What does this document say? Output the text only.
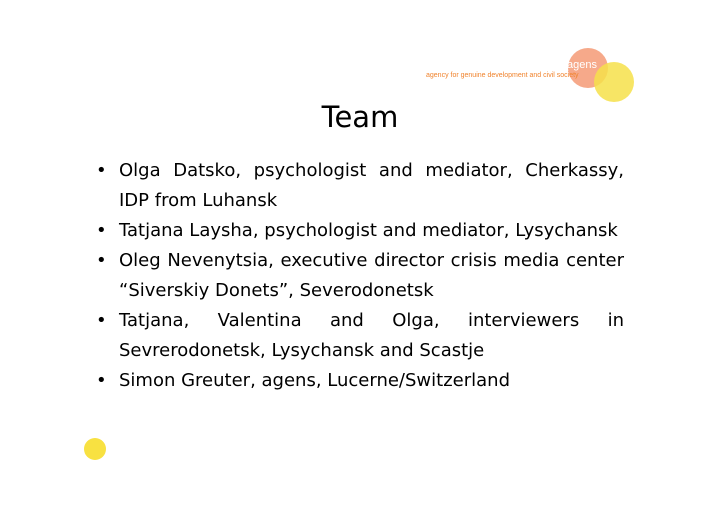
agens
agency for genuine development and civil society
Team
• Olga Datsko, psychologist and mediator, Cherkassy, IDP from Luhansk
• Tatjana Laysha, psychologist and mediator, Lysychansk
• Oleg Nevenytsia, executive director crisis media center “Siverskiy Donets”, Severodonetsk
• Tatjana, Valentina and Olga, interviewers in Sevrerodonetsk, Lysychansk and Scastje
• Simon Greuter, agens, Lucerne/Switzerland
